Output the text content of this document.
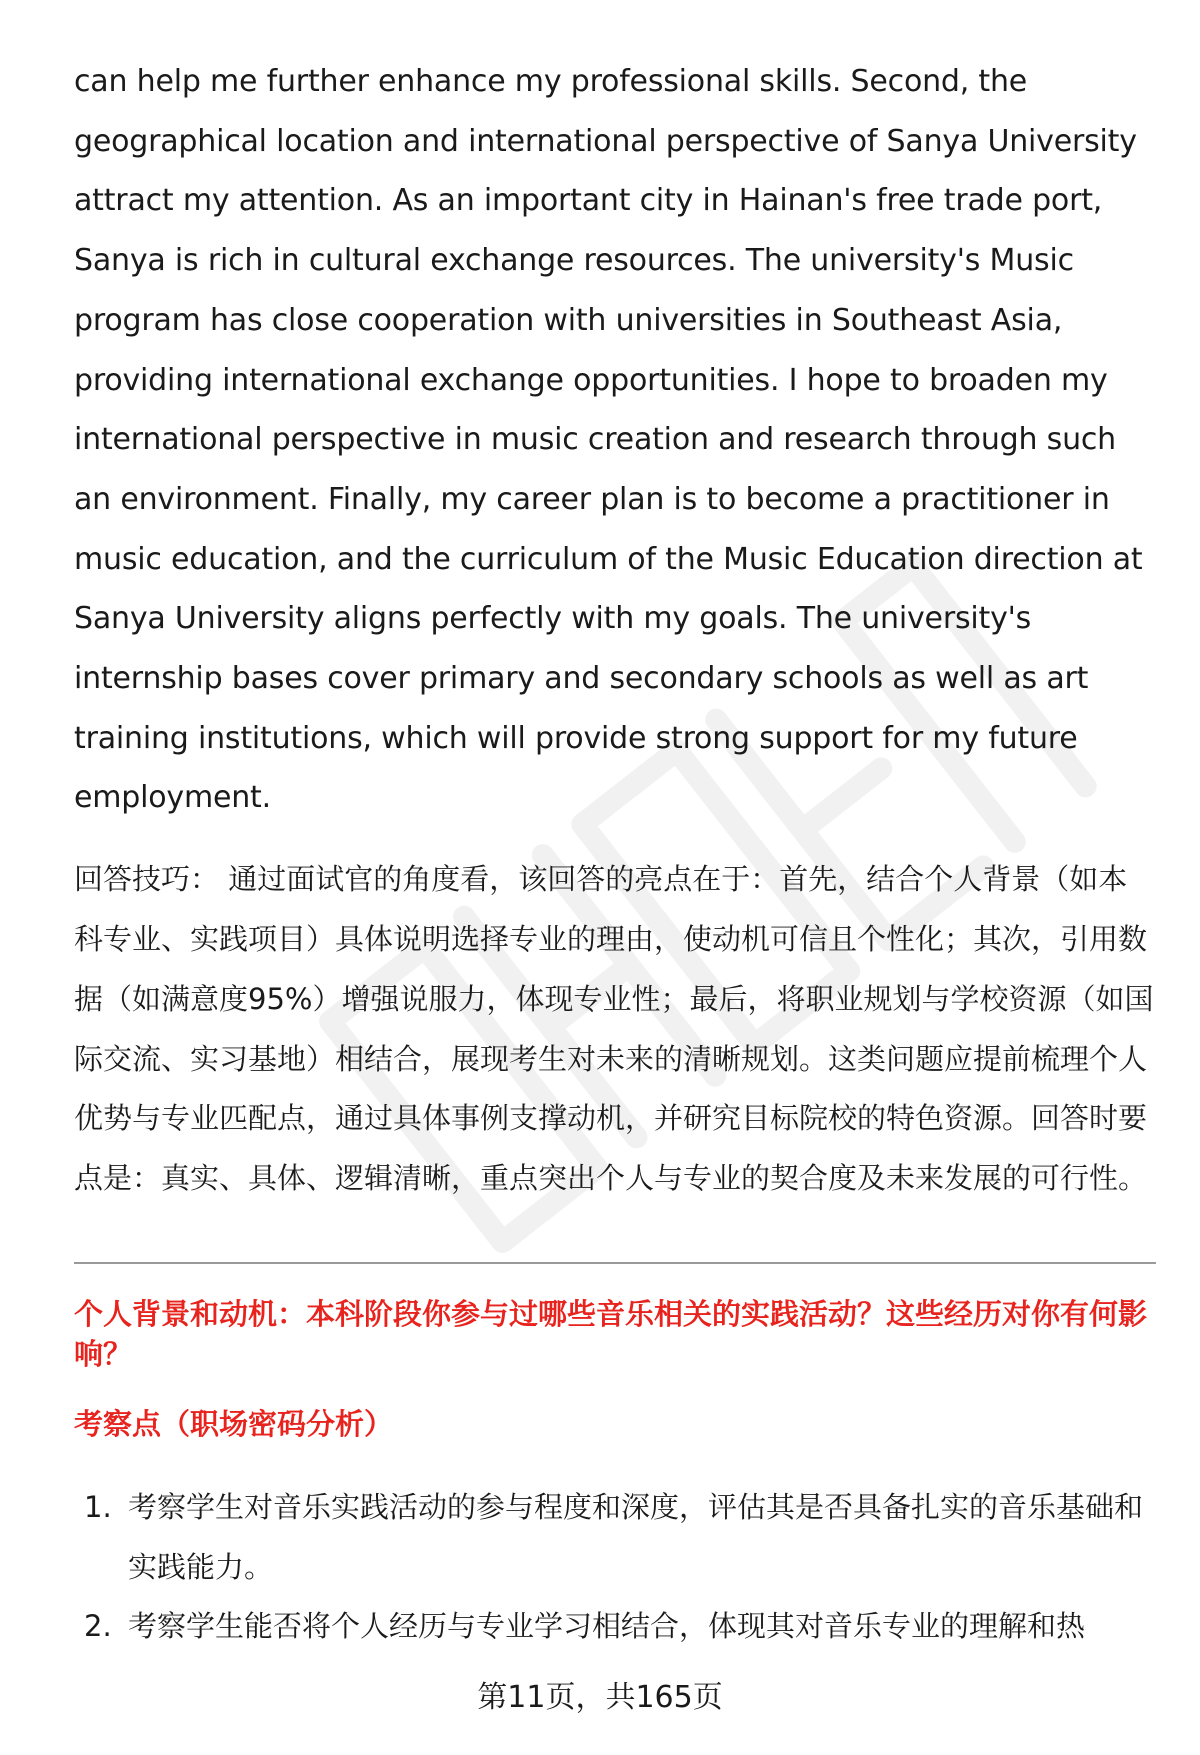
can help me further enhance my professional skills. Second, the geographical location and international perspective of Sanya University attract my attention. As an important city in Hainan's free trade port, Sanya is rich in cultural exchange resources. The university's Music program has close cooperation with universities in Southeast Asia, providing international exchange opportunities. I hope to broaden my international perspective in music creation and research through such an environment. Finally, my career plan is to become a practitioner in music education, and the curriculum of the Music Education direction at Sanya University aligns perfectly with my goals. The university's internship bases cover primary and secondary schools as well as art training institutions, which will provide strong support for my future employment.

回答技巧： 通过面试官的角度看，该回答的亮点在于：首先，结合个人背景（如本科专业、实践项目）具体说明选择专业的理由，使动机可信且个性化；其次，引用数据（如满意度95%）增强说服力，体现专业性；最后，将职业规划与学校资源（如国际交流、实习基地）相结合，展现考生对未来的清晰规划。这类问题应提前梳理个人优势与专业匹配点，通过具体事例支撑动机，并研究目标院校的特色资源。回答时要点是：真实、具体、逻辑清晰，重点突出个人与专业的契合度及未来发展的可行性。
个人背景和动机：本科阶段你参与过哪些音乐相关的实践活动？这些经历对你有何影响？
考察点（职场密码分析）
1. 考察学生对音乐实践活动的参与程度和深度，评估其是否具备扎实的音乐基础和实践能力。
2. 考察学生能否将个人经历与专业学习相结合，体现其对音乐专业的理解和热
第11页，共165页
